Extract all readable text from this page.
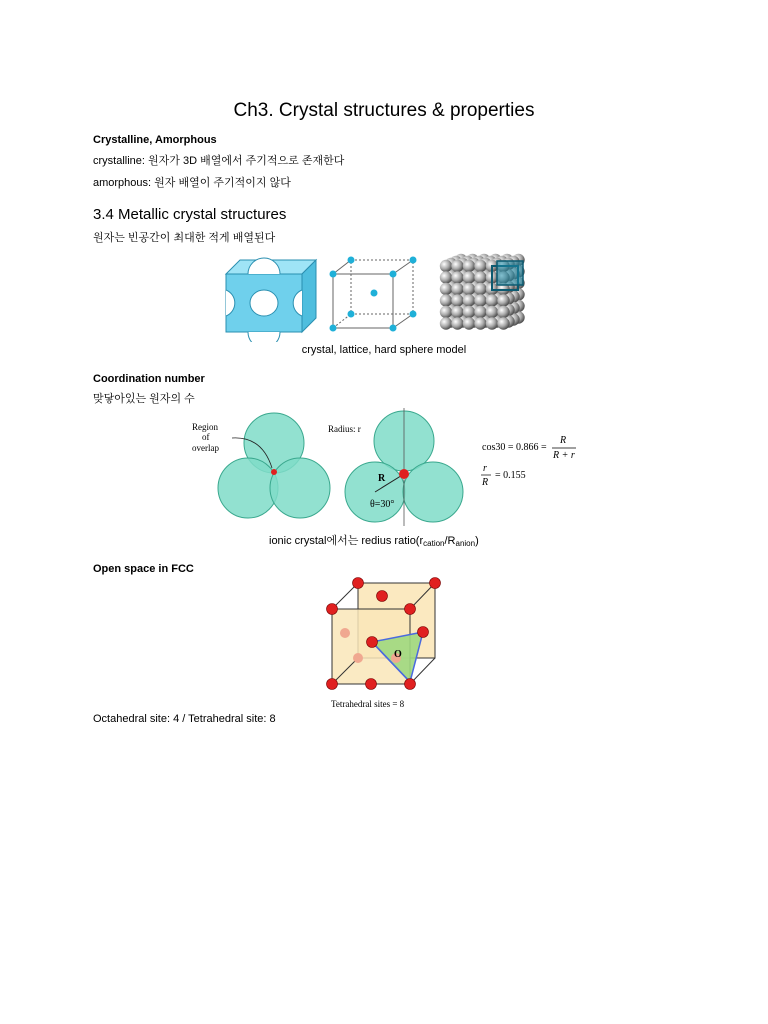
Ch3. Crystal structures & properties
Crystalline, Amorphous
crystalline: 원자가 3D 배열에서 주기적으로 존재한다
amorphous: 원자 배열이 주기적이지 않다
3.4 Metallic crystal structures
원자는 빈공간이 최대한 적게 배열된다
crystal, lattice, hard sphere model
Coordination number
맞닿아있는 원자의 수
Region
of
overlap
Radius: r
R
θ=30°
cos30 = 0.866 =
R
R + r
r
R
= 0.155
ionic crystal에서는 redius $ratio(r_{cation}/R_{anion})$
Open space in FCC
O
Tetrahedral sites = 8
Octahedral site: 4 / Tetrahedral site: 8
